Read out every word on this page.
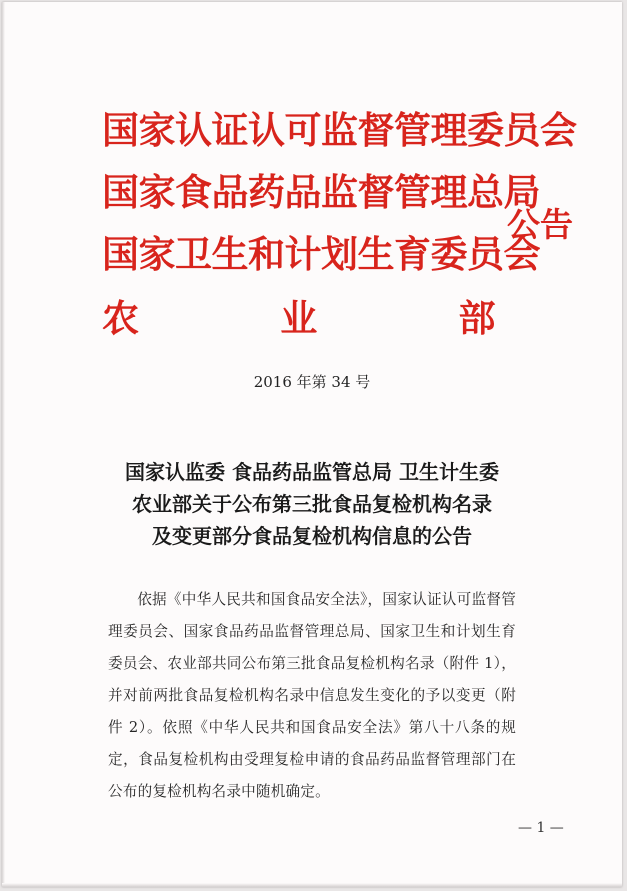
国家认证认可监督管理委员会
国家食品药品监督管理总局
国家卫生和计划生育委员会
农	业	部
公告
2016 年第 34 号
国家认监委 食品药品监管总局 卫生计生委
农业部关于公布第三批食品复检机构名录
及变更部分食品复检机构信息的公告
依据《中华人民共和国食品安全法》，国家认证认可监督管理委员会、国家食品药品监督管理总局、国家卫生和计划生育委员会、农业部共同公布第三批食品复检机构名录（附件 1），并对前两批食品复检机构名录中信息发生变化的予以变更（附件 2）。依照《中华人民共和国食品安全法》第八十八条的规定，食品复检机构由受理复检申请的食品药品监督管理部门在公布的复检机构名录中随机确定。
— 1 —
